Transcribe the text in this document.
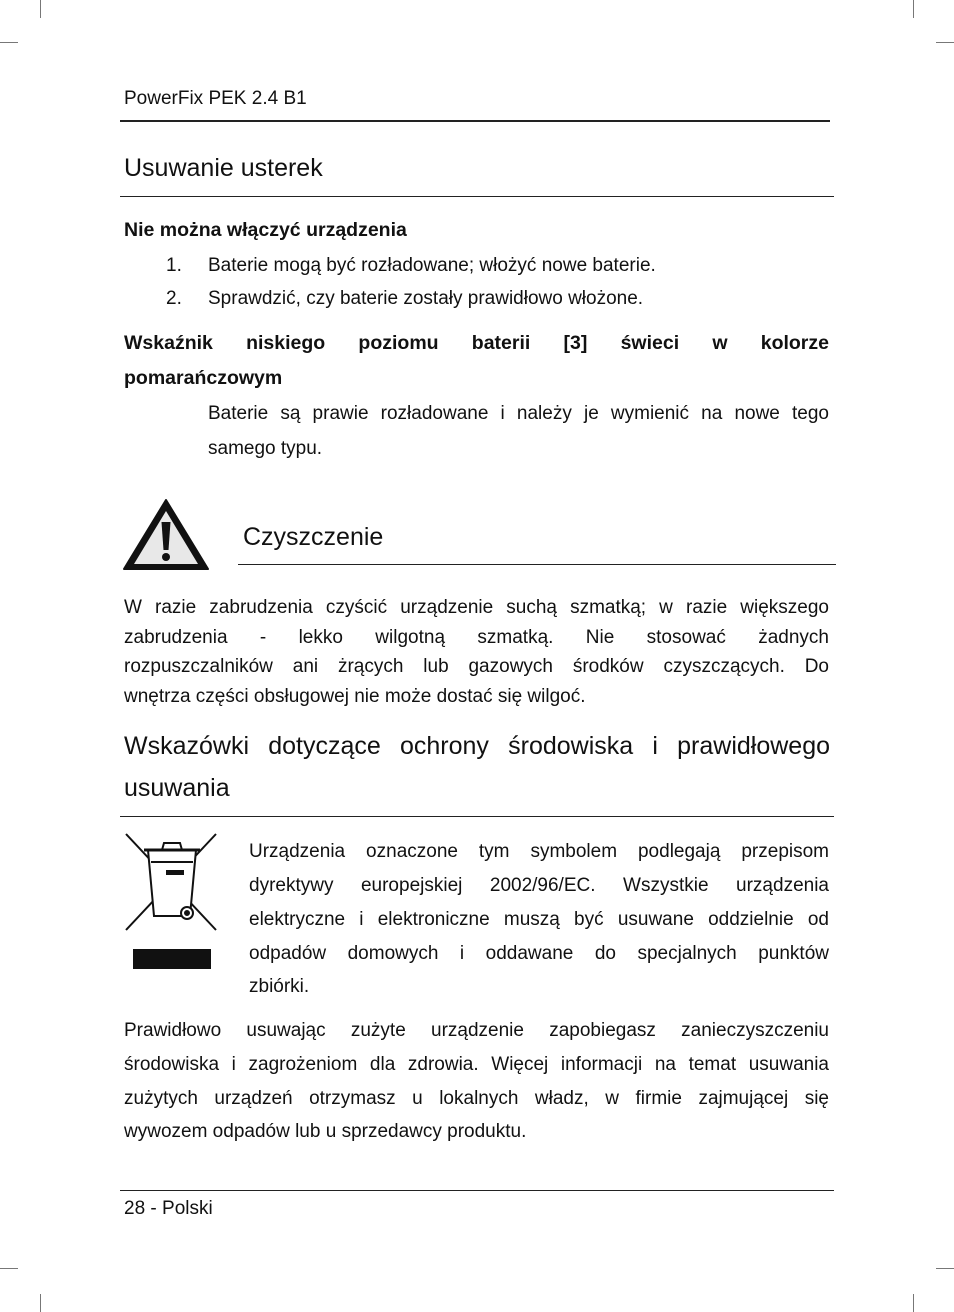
PowerFix PEK 2.4 B1
Usuwanie usterek
Nie można włączyć urządzenia
1. Baterie mogą być rozładowane; włożyć nowe baterie.
2. Sprawdzić, czy baterie zostały prawidłowo włożone.
Wskaźnik niskiego poziomu baterii [3] świeci w kolorze
pomarańczowym
Baterie są prawie rozładowane i należy je wymienić na nowe tego
samego typu.
Czyszczenie
W razie zabrudzenia czyścić urządzenie suchą szmatką; w razie większego
zabrudzenia - lekko wilgotną szmatką. Nie stosować żadnych
rozpuszczalników ani żrących lub gazowych środków czyszczących. Do
wnętrza części obsługowej nie może dostać się wilgoć.
Wskazówki dotyczące ochrony środowiska i prawidłowego
usuwania
Urządzenia oznaczone tym symbolem podlegają przepisom
dyrektywy europejskiej 2002/96/EC. Wszystkie urządzenia
elektryczne i elektroniczne muszą być usuwane oddzielnie od
odpadów domowych i oddawane do specjalnych punktów
zbiórki.
Prawidłowo usuwając zużyte urządzenie zapobiegasz zanieczyszczeniu
środowiska i zagrożeniom dla zdrowia. Więcej informacji na temat usuwania
zużytych urządzeń otrzymasz u lokalnych władz, w firmie zajmującej się
wywozem odpadów lub u sprzedawcy produktu.
28 - Polski
